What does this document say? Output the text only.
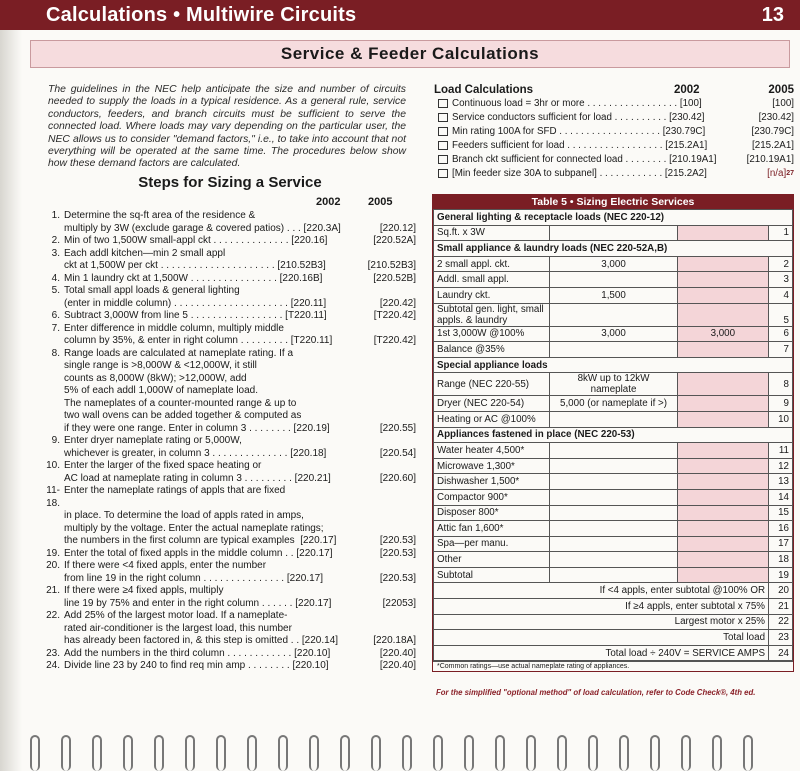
Calculations • Multiwire Circuits	13
Service & Feeder Calculations

The guidelines in the NEC help anticipate the size and number of circuits needed to supply the loads in a typical residence. As a general rule, service conductors, feeders, and branch circuits must be sufficient to serve the connected load. Where loads may vary depending on the particular user, the NEC allows us to consider "demand factors," i.e., to take into account that not everything will be operated at the same time. The procedures below show how these demand factors are calculated.

Steps for Sizing a Service
2002	2005
1. Determine the sq-ft area of the residence &
multiply by 3W (exclude garage & covered patios) . . . [220.3A]	[220.12]
2. Min of two 1,500W small-appl ckt . . . . . . . . . . . . . . [220.16]	[220.52A]
3. Each addl kitchen—min 2 small appl
ckt at 1,500W per ckt . . . . . . . . . . . . . . . . . . . . . [210.52B3]	[210.52B3]
4. Min 1 laundry ckt at 1,500W . . . . . . . . . . . . . . . . [220.16B]	[220.52B]
5. Total small appl loads & general lighting
(enter in middle column) . . . . . . . . . . . . . . . . . . . . . [220.11]	[220.42]
6. Subtract 3,000W from line 5 . . . . . . . . . . . . . . . . . [T220.11]	[T220.42]
7. Enter difference in middle column, multiply middle
column by 35%, & enter in right column . . . . . . . . . [T220.11]	[T220.42]
8. Range loads are calculated at nameplate rating. If a
single range is >8,000W & <12,000W, it still
counts as 8,000W (8kW); >12,000W, add
5% of each addl 1,000W of nameplate load.
The nameplates of a counter-mounted range & up to
two wall ovens can be added together & computed as
if they were one range. Enter in column 3 . . . . . . . . [220.19]	[220.55]
9. Enter dryer nameplate rating or 5,000W,
whichever is greater, in column 3 . . . . . . . . . . . . . . [220.18]	[220.54]
10. Enter the larger of the fixed space heating or
AC load at nameplate rating in column 3 . . . . . . . . . [220.21]	[220.60]
11-18.
Enter the nameplate ratings of appls that are fixed
in place. To determine the load of appls rated in amps,
multiply by the voltage. Enter the actual nameplate ratings;
the numbers in the first column are typical examples  [220.17]	[220.53]
19. Enter the total of fixed appls in the middle column . . [220.17]	[220.53]
20. If there were <4 fixed appls, enter the number
from line 19 in the right column . . . . . . . . . . . . . . . [220.17]	[220.53]
21. If there were ≥4 fixed appls, multiply
line 19 by 75% and enter in the right column . . . . . . [220.17]	[22053]
22. Add 25% of the largest motor load. If a nameplate-
rated air-conditioner is the largest load, this number
has already been factored in, & this step is omitted . . [220.14]	[220.18A]
23. Add the numbers in the third column . . . . . . . . . . . . [220.10]	[220.40]
24. Divide line 23 by 240 to find req min amp . . . . . . . . [220.10]	[220.40]
Load Calculations	2002	2005
Continuous load = 3hr or more . . . . . . . . . . . . . . . . . [100]	[100]
Service conductors sufficient for load . . . . . . . . . . [230.42]	[230.42]
Min rating 100A for SFD . . . . . . . . . . . . . . . . . . . [230.79C]	[230.79C]
Feeders sufficient for load . . . . . . . . . . . . . . . . . . [215.2A1]	[215.2A1]
Branch ckt sufficient for connected load . . . . . . . . [210.19A1]	[210.19A1]
[Min feeder size 30A to subpanel] . . . . . . . . . . . . [215.2A2]	$[n/a]^{27}$
Table 5 • Sizing Electric Services
General lighting & receptacle loads (NEC 220-12)			
Sq.ft. x 3W			1
Small appliance & laundry loads (NEC 220-52A,B)			
2 small appl. ckt.	3,000		2
Addl. small appl.			3
Laundry ckt.	1,500		4

Subtotal gen. light, small
appls. & laundry			5
1st 3,000W @100%	3,000	3,000	6
Balance @35%			7
Special appliance loads			
Range (NEC 220-55)	8kW up to 12kW nameplate		8
Dryer (NEC 220-54)	5,000 (or nameplate if >)		9
Heating or AC @100%			10
Appliances fastened in place (NEC 220-53)			
Water heater 4,500*			11
Microwave 1,300*			12
Dishwasher 1,500*			13
Compactor 900*			14
Disposer 800*			15
Attic fan 1,600*			16
Spa—per manu.			17
Other			18
Subtotal			19
If <4 appls, enter subtotal @100% OR			20
If ≥4 appls, enter subtotal x 75%			21
Largest motor x 25%			22
Total load			23
Total load ÷ 240V = SERVICE AMPS			24
*Common ratings—use actual nameplate rating of appliances.
For the simplified "optional method" of load calculation, refer to Code Check®, 4th ed.
